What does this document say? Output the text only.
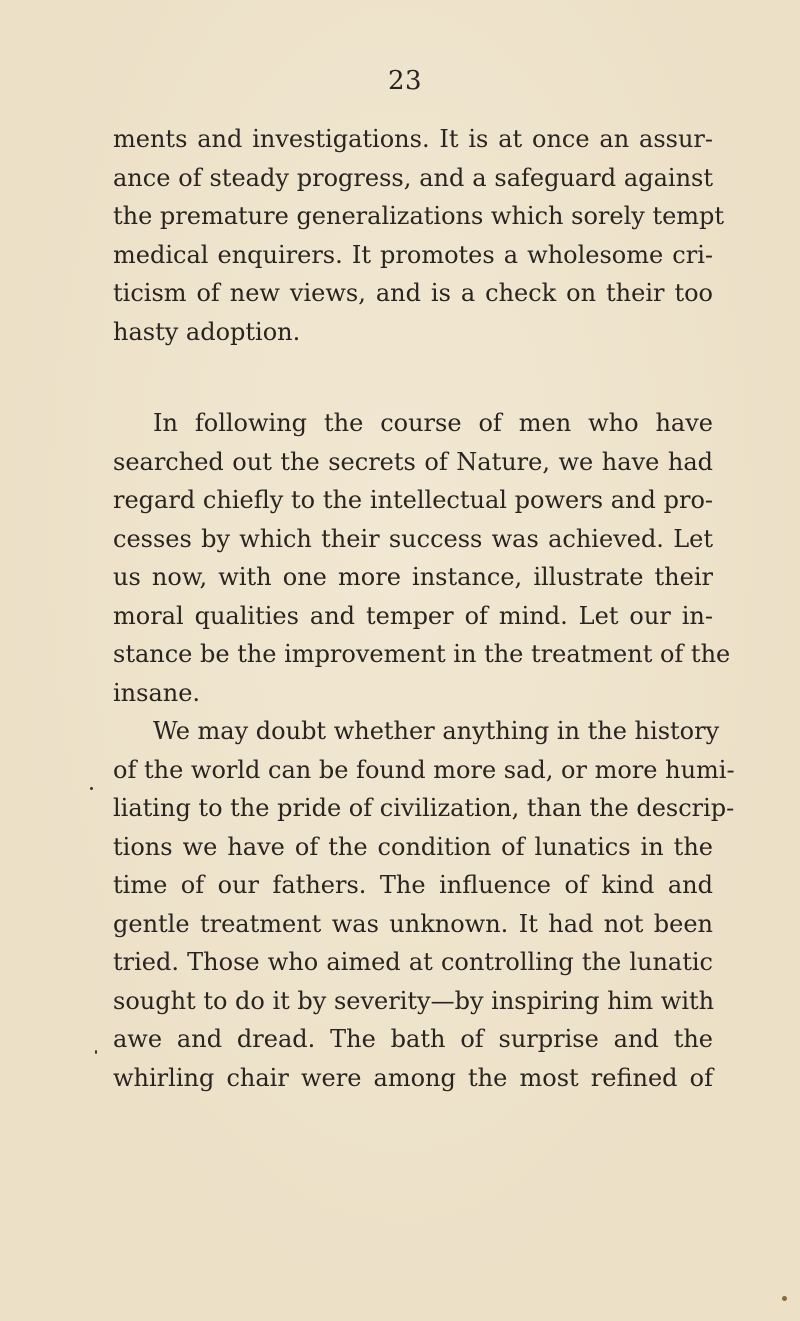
23
ments and investigations. It is at once an assur-
ance of steady progress, and a safeguard against
the premature generalizations which sorely tempt
medical enquirers. It promotes a wholesome cri-
ticism of new views, and is a check on their too
hasty adoption.
In following the course of men who have
searched out the secrets of Nature, we have had
regard chiefly to the intellectual powers and pro-
cesses by which their success was achieved. Let
us now, with one more instance, illustrate their
moral qualities and temper of mind. Let our in-
stance be the improvement in the treatment of the
insane.
We may doubt whether anything in the history
of the world can be found more sad, or more humi-
liating to the pride of civilization, than the descrip-
tions we have of the condition of lunatics in the
time of our fathers. The influence of kind and
gentle treatment was unknown. It had not been
tried. Those who aimed at controlling the lunatic
sought to do it by severity—by inspiring him with
awe and dread. The bath of surprise and the
whirling chair were among the most refined of
